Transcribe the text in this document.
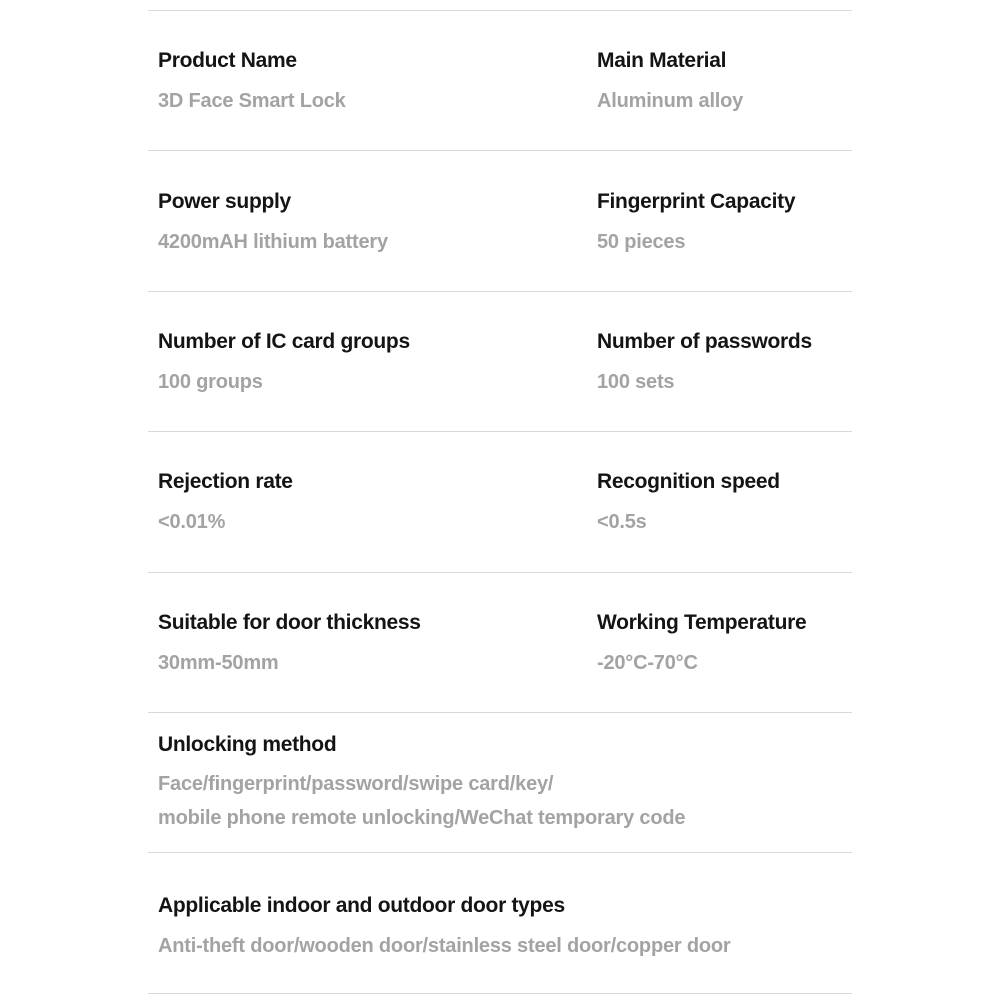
Product Name
3D Face Smart Lock
Main Material
Aluminum alloy
Power supply
4200mAH lithium battery
Fingerprint Capacity
50 pieces
Number of IC card groups
100 groups
Number of passwords
100 sets
Rejection rate
<0.01%
Recognition speed
<0.5s
Suitable for door thickness
30mm-50mm
Working Temperature
-20°C-70°C
Unlocking method
Face/fingerprint/password/swipe card/key/
mobile phone remote unlocking/WeChat temporary code
Applicable indoor and outdoor door types
Anti-theft door/wooden door/stainless steel door/copper door
